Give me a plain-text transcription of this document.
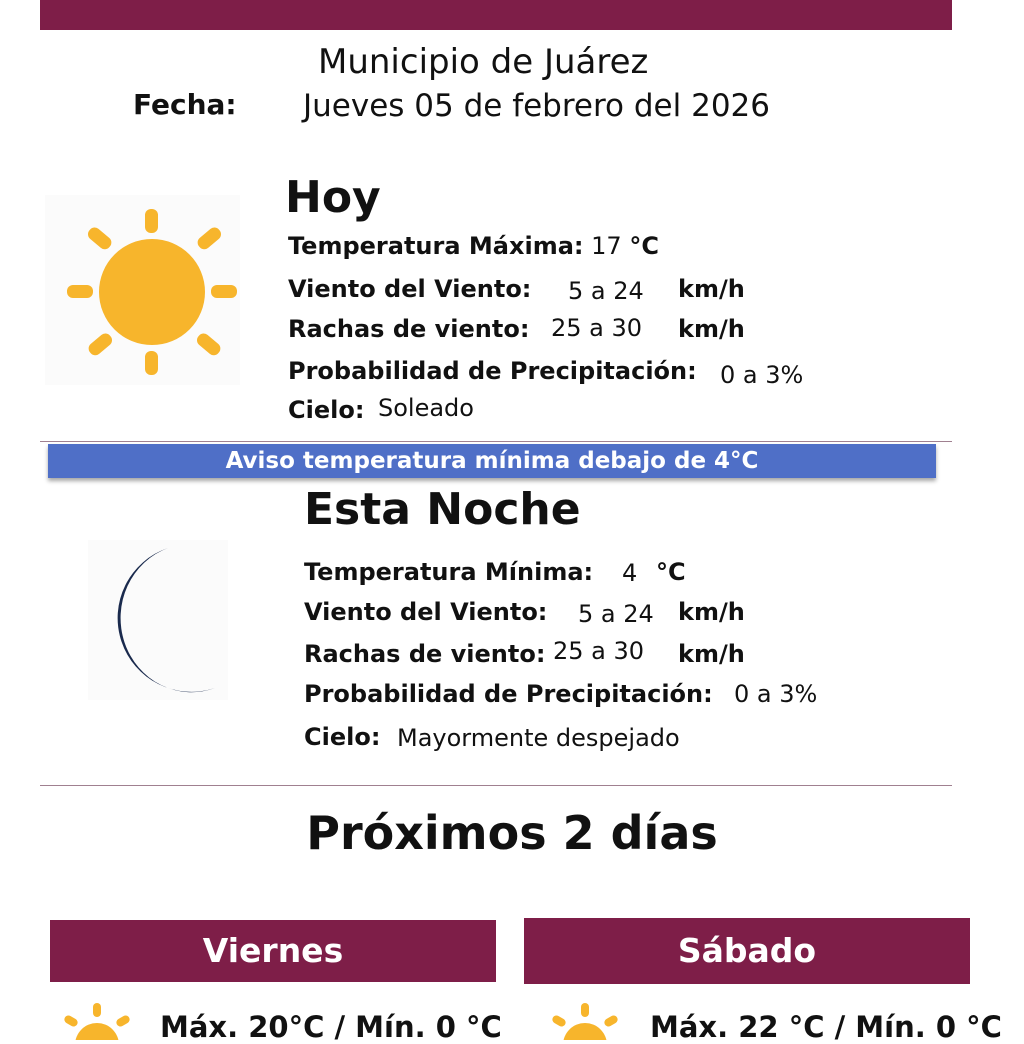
Municipio de Juárez
Fecha: Jueves 05 de febrero del 2026
Hoy
Temperatura Máxima: 17 °C
Viento del Viento: 5 a 24 km/h
Rachas de viento: 25 a 30 km/h
Probabilidad de Precipitación: 0 a 3%
Cielo: Soleado
Aviso temperatura mínima debajo de 4°C
Esta Noche
Temperatura Mínima: 4 °C
Viento del Viento: 5 a 24 km/h
Rachas de viento: 25 a 30 km/h
Probabilidad de Precipitación: 0 a 3%
Cielo: Mayormente despejado
Próximos 2 días
Viernes	Sábado
Máx. 20°C / Mín. 0 °C	Máx. 22 °C / Mín. 0 °C
